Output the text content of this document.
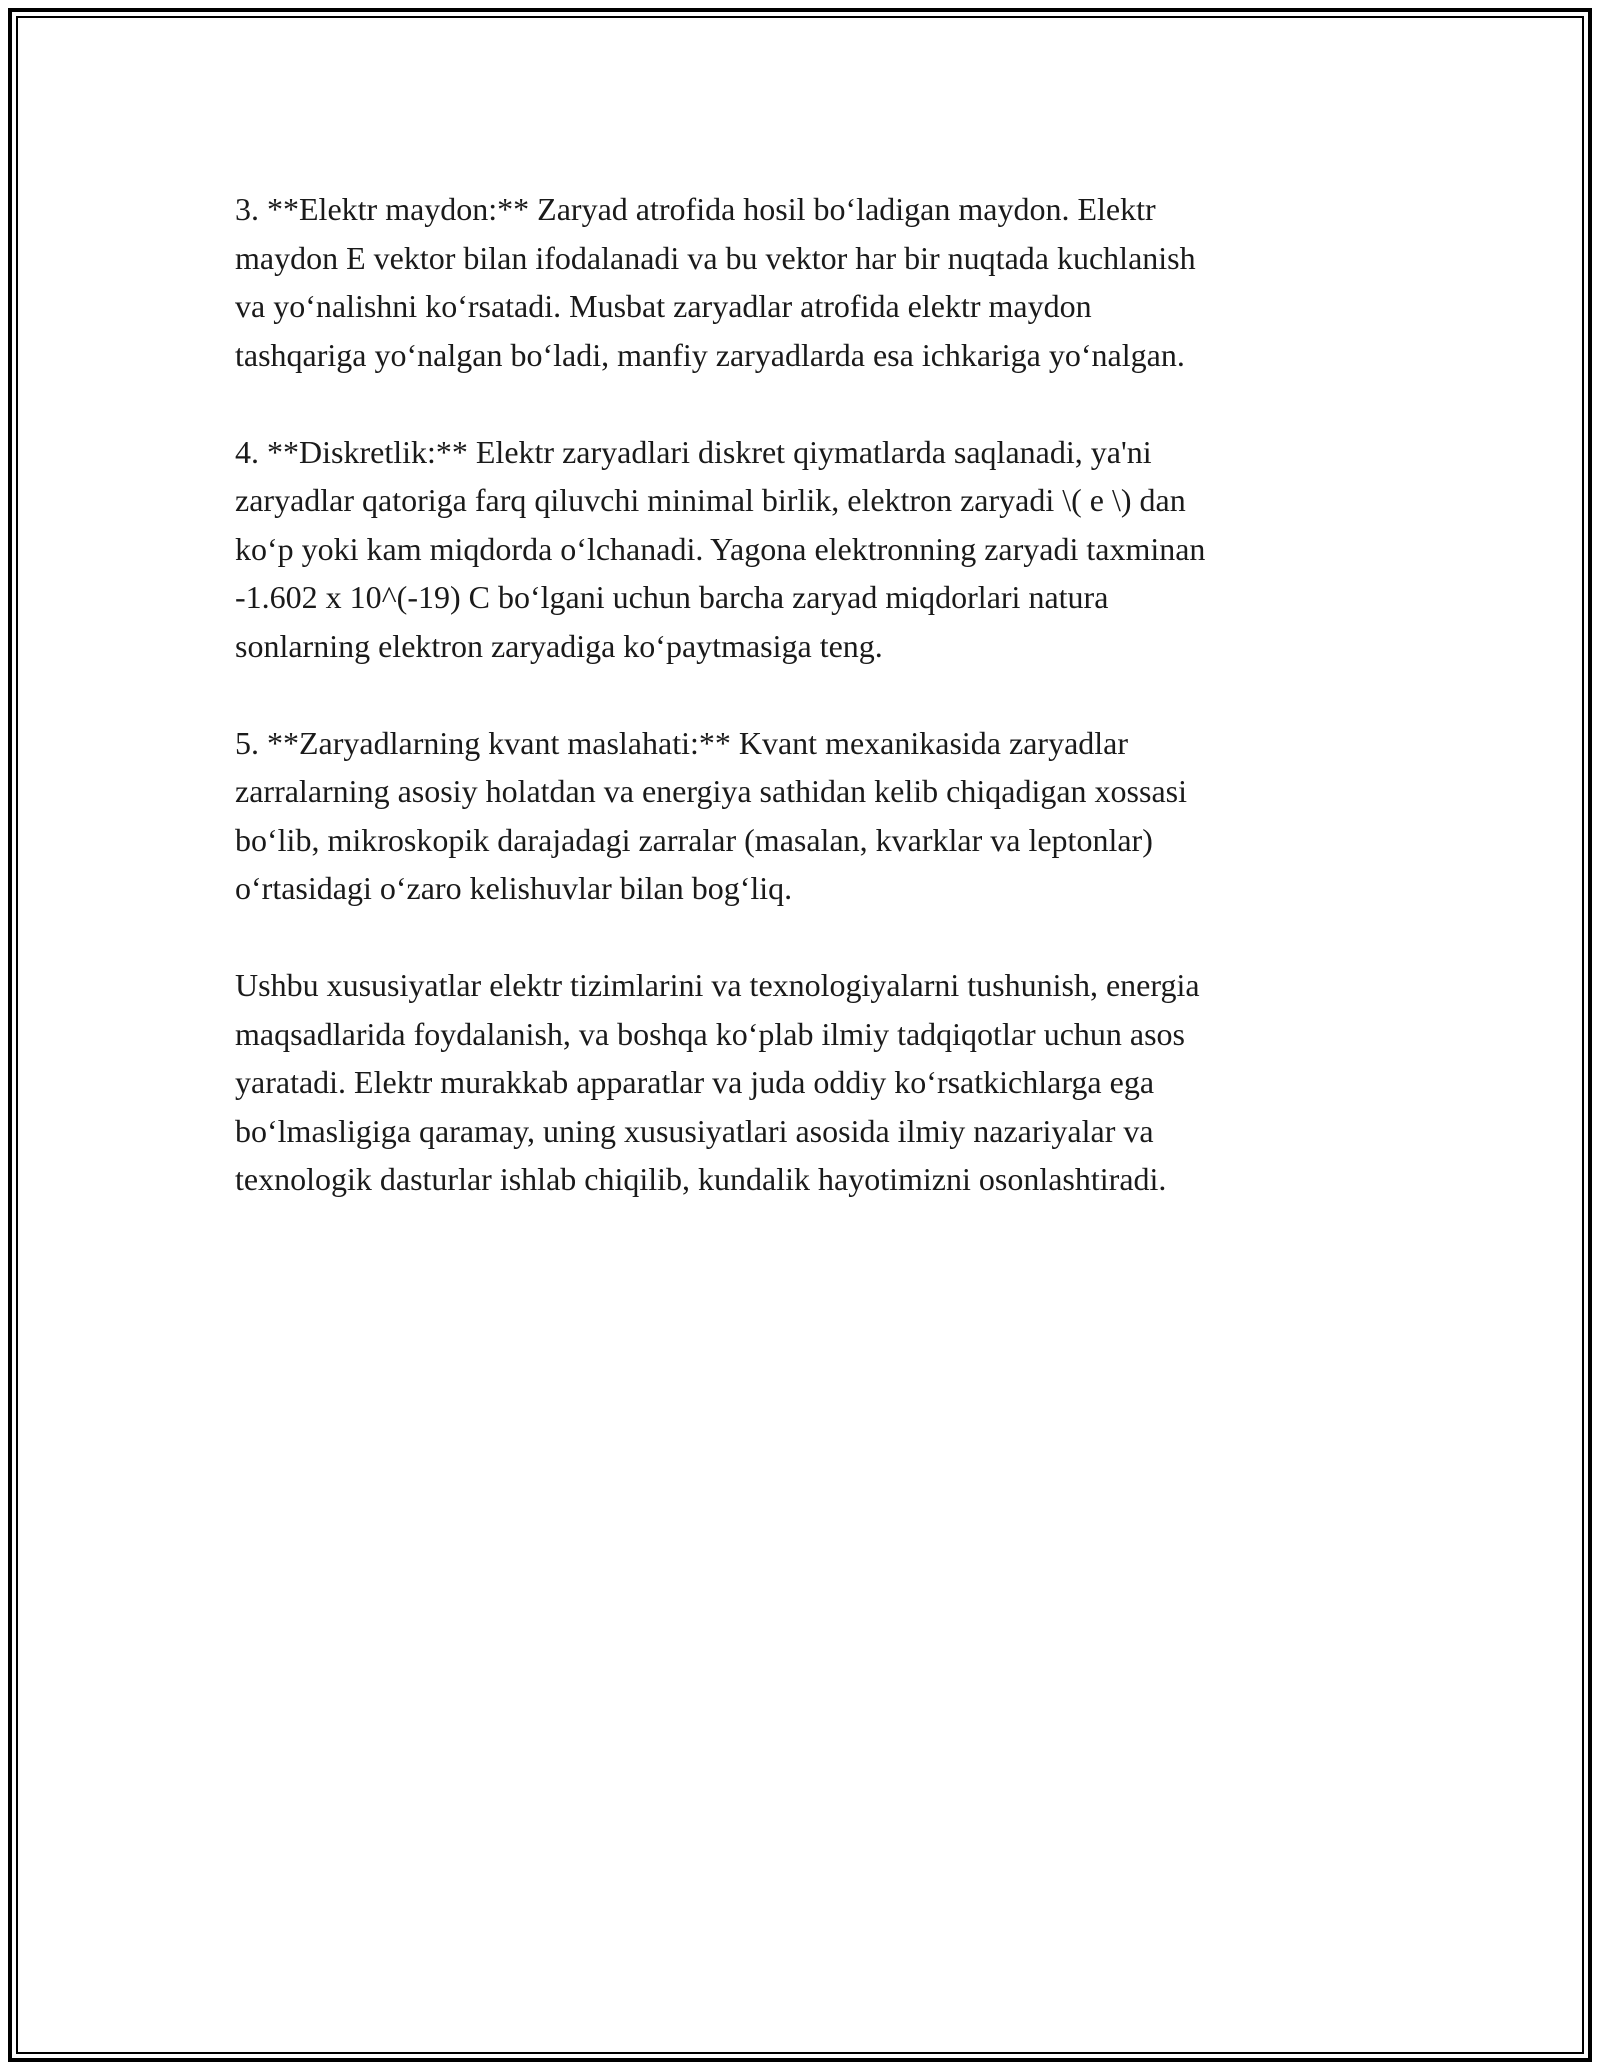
3. **Elektr maydon:** Zaryad atrofida hosil bo‘ladigan maydon. Elektr
maydon E vektor bilan ifodalanadi va bu vektor har bir nuqtada kuchlanish
va yo‘nalishni ko‘rsatadi. Musbat zaryadlar atrofida elektr maydon
tashqariga yo‘nalgan bo‘ladi, manfiy zaryadlarda esa ichkariga yo‘nalgan.

4. **Diskretlik:** Elektr zaryadlari diskret qiymatlarda saqlanadi, ya'ni
zaryadlar qatoriga farq qiluvchi minimal birlik, elektron zaryadi \( e \) dan
ko‘p yoki kam miqdorda o‘lchanadi. Yagona elektronning zaryadi taxminan
-1.602 x 10^(-19) C bo‘lgani uchun barcha zaryad miqdorlari natura
sonlarning elektron zaryadiga ko‘paytmasiga teng.

5. **Zaryadlarning kvant maslahati:** Kvant mexanikasida zaryadlar
zarralarning asosiy holatdan va energiya sathidan kelib chiqadigan xossasi
bo‘lib, mikroskopik darajadagi zarralar (masalan, kvarklar va leptonlar)
o‘rtasidagi o‘zaro kelishuvlar bilan bog‘liq.

Ushbu xususiyatlar elektr tizimlarini va texnologiyalarni tushunish, energia
maqsadlarida foydalanish, va boshqa ko‘plab ilmiy tadqiqotlar uchun asos
yaratadi. Elektr murakkab apparatlar va juda oddiy ko‘rsatkichlarga ega
bo‘lmasligiga qaramay, uning xususiyatlari asosida ilmiy nazariyalar va
texnologik dasturlar ishlab chiqilib, kundalik hayotimizni osonlashtiradi.
